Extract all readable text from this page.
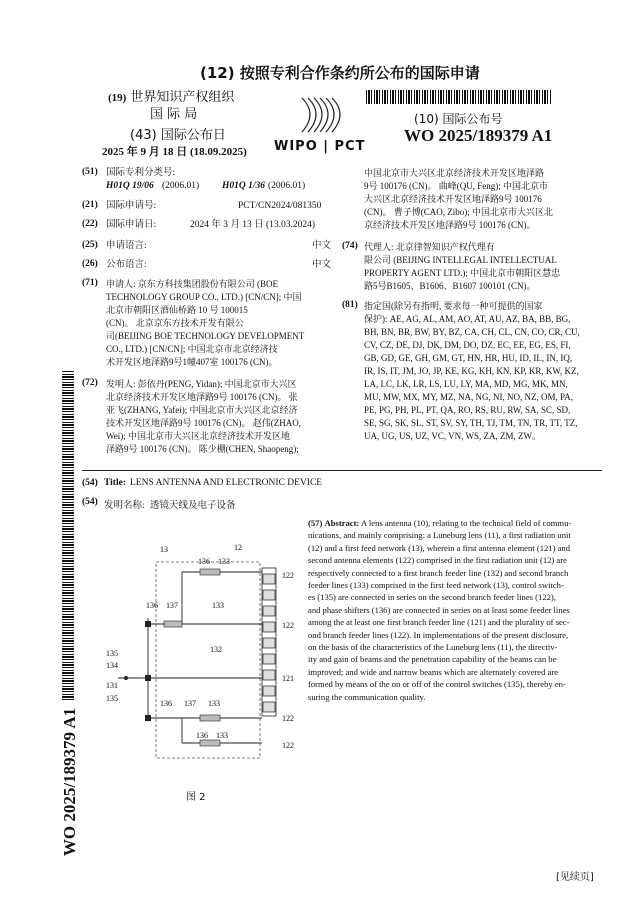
(12) 按照专利合作条约所公布的国际申请
(19) 世界知识产权组织
国 际 局
(43) 国际公布日
2025 年 9 月 18 日 (18.09.2025) WIPO | PCT
(10) 国际公布号
WO 2025/189379 A1
(51) 国际专利分类号:
H01Q 19/06 (2006.01) H01Q 1/36 (2006.01)
(21) 国际申请号:	PCT/CN2024/081350
(22) 国际申请日:	2024 年 3 月 13 日 (13.03.2024)
(25) 申请语言:	中文
(26) 公布语言:	中文
(71) 申请人: 京东方科技集团股份有限公司 (BOE
TECHNOLOGY GROUP CO., LTD.) [CN/CN]; 中国
北京市朝阳区酒仙桥路 10 号 100015
(CN)。 北京京东方技术开发有限公
司(BEIJING BOE TECHNOLOGY DEVELOPMENT
CO., LTD.) [CN/CN]; 中国北京市北京经济技
术开发区地泽路9号1幢407室 100176 (CN)。
(72) 发明人: 彭依丹(PENG, Yidan); 中国北京市大兴区
北京经济技术开发区地泽路9号 100176 (CN)。 张
亚飞(ZHANG, Yafei); 中国北京市大兴区北京经济
技术开发区地泽路9号 100176 (CN)。 赵伟(ZHAO,
Wei); 中国北京市大兴区北京经济技术开发区地
泽路9号 100176 (CN)。 陈少棚(CHEN, Shaopeng);
中国北京市大兴区北京经济技术开发区地泽路
9号 100176 (CN)。 曲峰(QU, Feng); 中国北京市
大兴区北京经济技术开发区地泽路9号 100176
(CN)。 曹子博(CAO, Zibo); 中国北京市大兴区北
京经济技术开发区地泽路9号 100176 (CN)。
(74) 代理人: 北京律智知识产权代理有
限公司 (BEIJING INTELLEGAL INTELLECTUAL
PROPERTY AGENT LTD.); 中国北京市朝阳区慧忠
路5号B1605、B1606、B1607 100101 (CN)。
(81) 指定国(除另有指明, 要求每一种可提供的国家
保护): AE, AG, AL, AM, AO, AT, AU, AZ, BA, BB, BG,
BH, BN, BR, BW, BY, BZ, CA, CH, CL, CN, CO, CR, CU,
CV, CZ, DE, DJ, DK, DM, DO, DZ, EC, EE, EG, ES, FI,
GB, GD, GE, GH, GM, GT, HN, HR, HU, ID, IL, IN, IQ,
IR, IS, IT, JM, JO, JP, KE, KG, KH, KN, KP, KR, KW, KZ,
LA, LC, LK, LR, LS, LU, LY, MA, MD, MG, MK, MN,
MU, MW, MX, MY, MZ, NA, NG, NI, NO, NZ, OM, PA,
PE, PG, PH, PL, PT, QA, RO, RS, RU, RW, SA, SC, SD,
SE, SG, SK, SL, ST, SV, SY, TH, TJ, TM, TN, TR, TT, TZ,
UA, UG, US, UZ, VC, VN, WS, ZA, ZM, ZW。
(54) Title: LENS ANTENNA AND ELECTRONIC DEVICE
(54) 发明名称: 透镜天线及电子设备
13	12
136 133
136 137	133
132
135
134
131
135
136 137 133
136 133
122
122
121
122
122
图 2
(57) Abstract: A lens antenna (10), relating to the technical field of commu-
nications, and mainly comprising: a Luneburg lens (11), a first radiation unit
(12) and a first feed network (13), wherein a first antenna element (121) and
second antenna elements (122) comprised in the first radiation unit (12) are
respectively connected to a first branch feeder line (132) and second branch
feeder lines (133) comprised in the first feed network (13), control switch-
es (135) are connected in series on the second branch feeder lines (122),
and phase shifters (136) are connected in series on at least some feeder lines
among the at least one first branch feeder line (121) and the plurality of sec-
ond branch feeder lines (122). In implementations of the present disclosure,
on the basis of the characteristics of the Luneburg lens (11), the directiv-
ity and gain of beams and the penetration capability of the beams can be
improved; and wide and narrow beams which are alternately covered are
formed by means of the on or off of the control switches (135), thereby en-
suring the communication quality.
WO 2025/189379 A1
[见续页]
